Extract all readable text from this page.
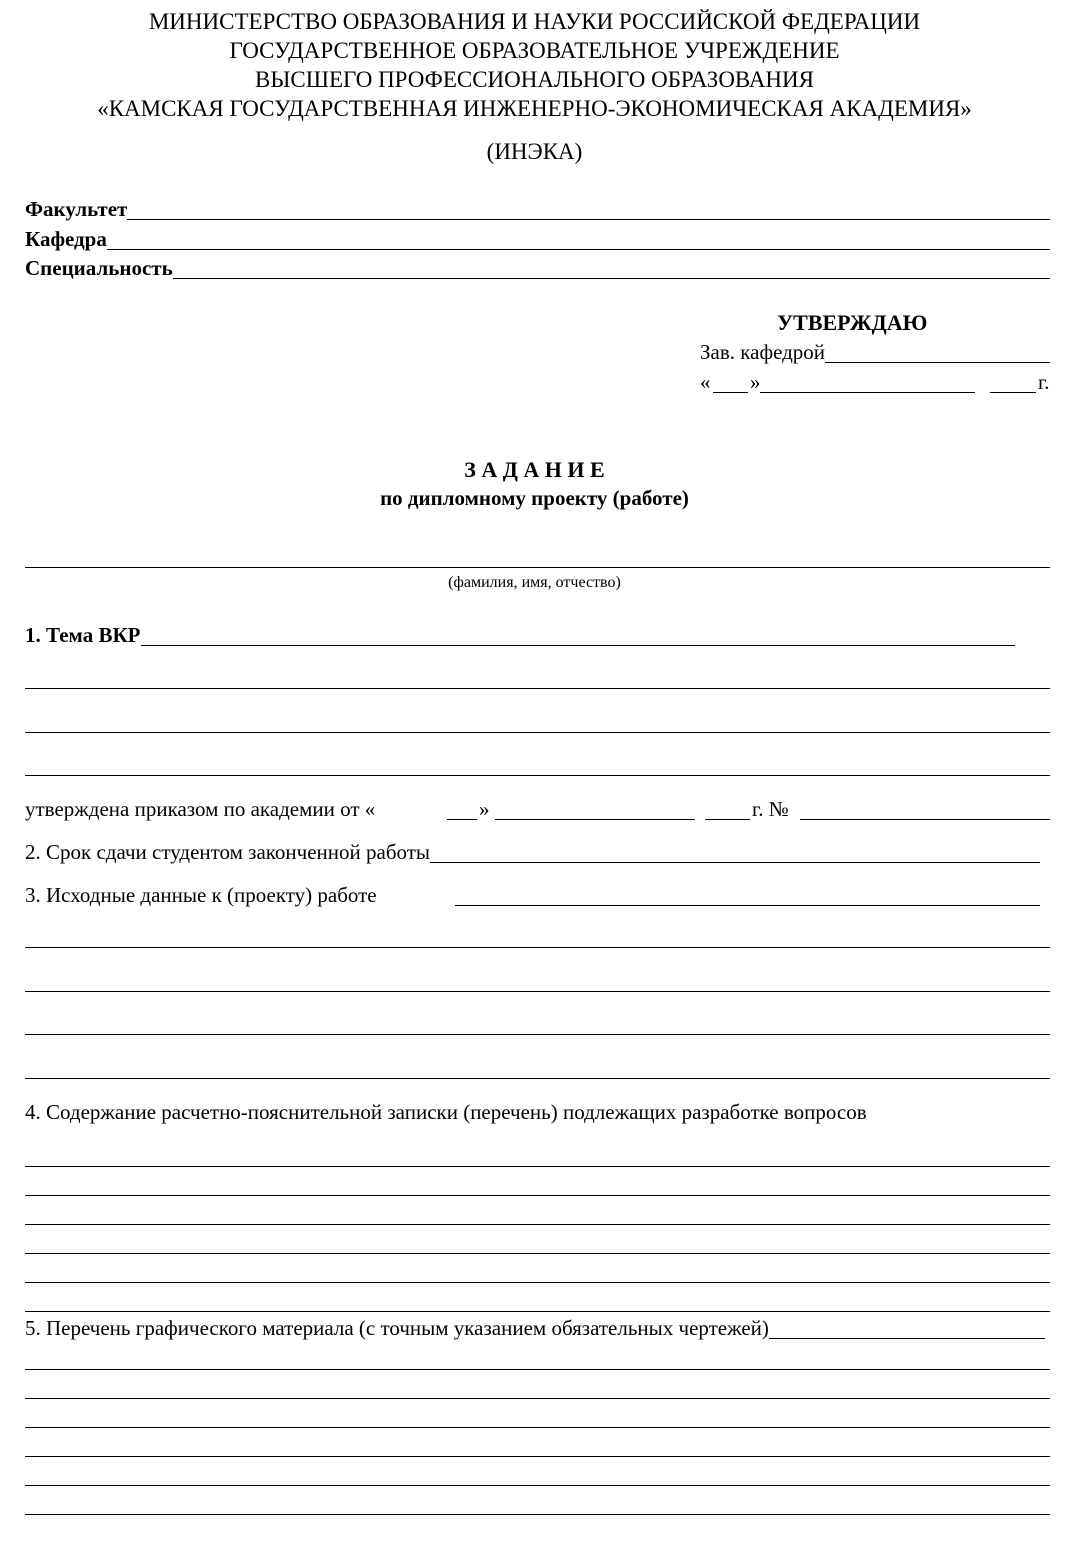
МИНИСТЕРСТВО ОБРАЗОВАНИЯ И НАУКИ РОССИЙСКОЙ ФЕДЕРАЦИИ
ГОСУДАРСТВЕННОЕ ОБРАЗОВАТЕЛЬНОЕ УЧРЕЖДЕНИЕ
ВЫСШЕГО ПРОФЕССИОНАЛЬНОГО ОБРАЗОВАНИЯ
«КАМСКАЯ ГОСУДАРСТВЕННАЯ ИНЖЕНЕРНО-ЭКОНОМИЧЕСКАЯ АКАДЕМИЯ»
(ИНЭКА)
Факультет
Кафедра
Специальность
УТВЕРЖДАЮ
Зав. кафедрой
« »	г.
З А Д А Н И Е
по дипломному проекту (работе)
(фамилия, имя, отчество)
1. Тема ВКР
утверждена приказом по академии от «	»	г. №
2. Срок сдачи студентом законченной работы
3. Исходные данные к (проекту) работе
4. Содержание расчетно-пояснительной записки (перечень) подлежащих разработке вопросов
5. Перечень графического материала (с точным указанием обязательных чертежей)
